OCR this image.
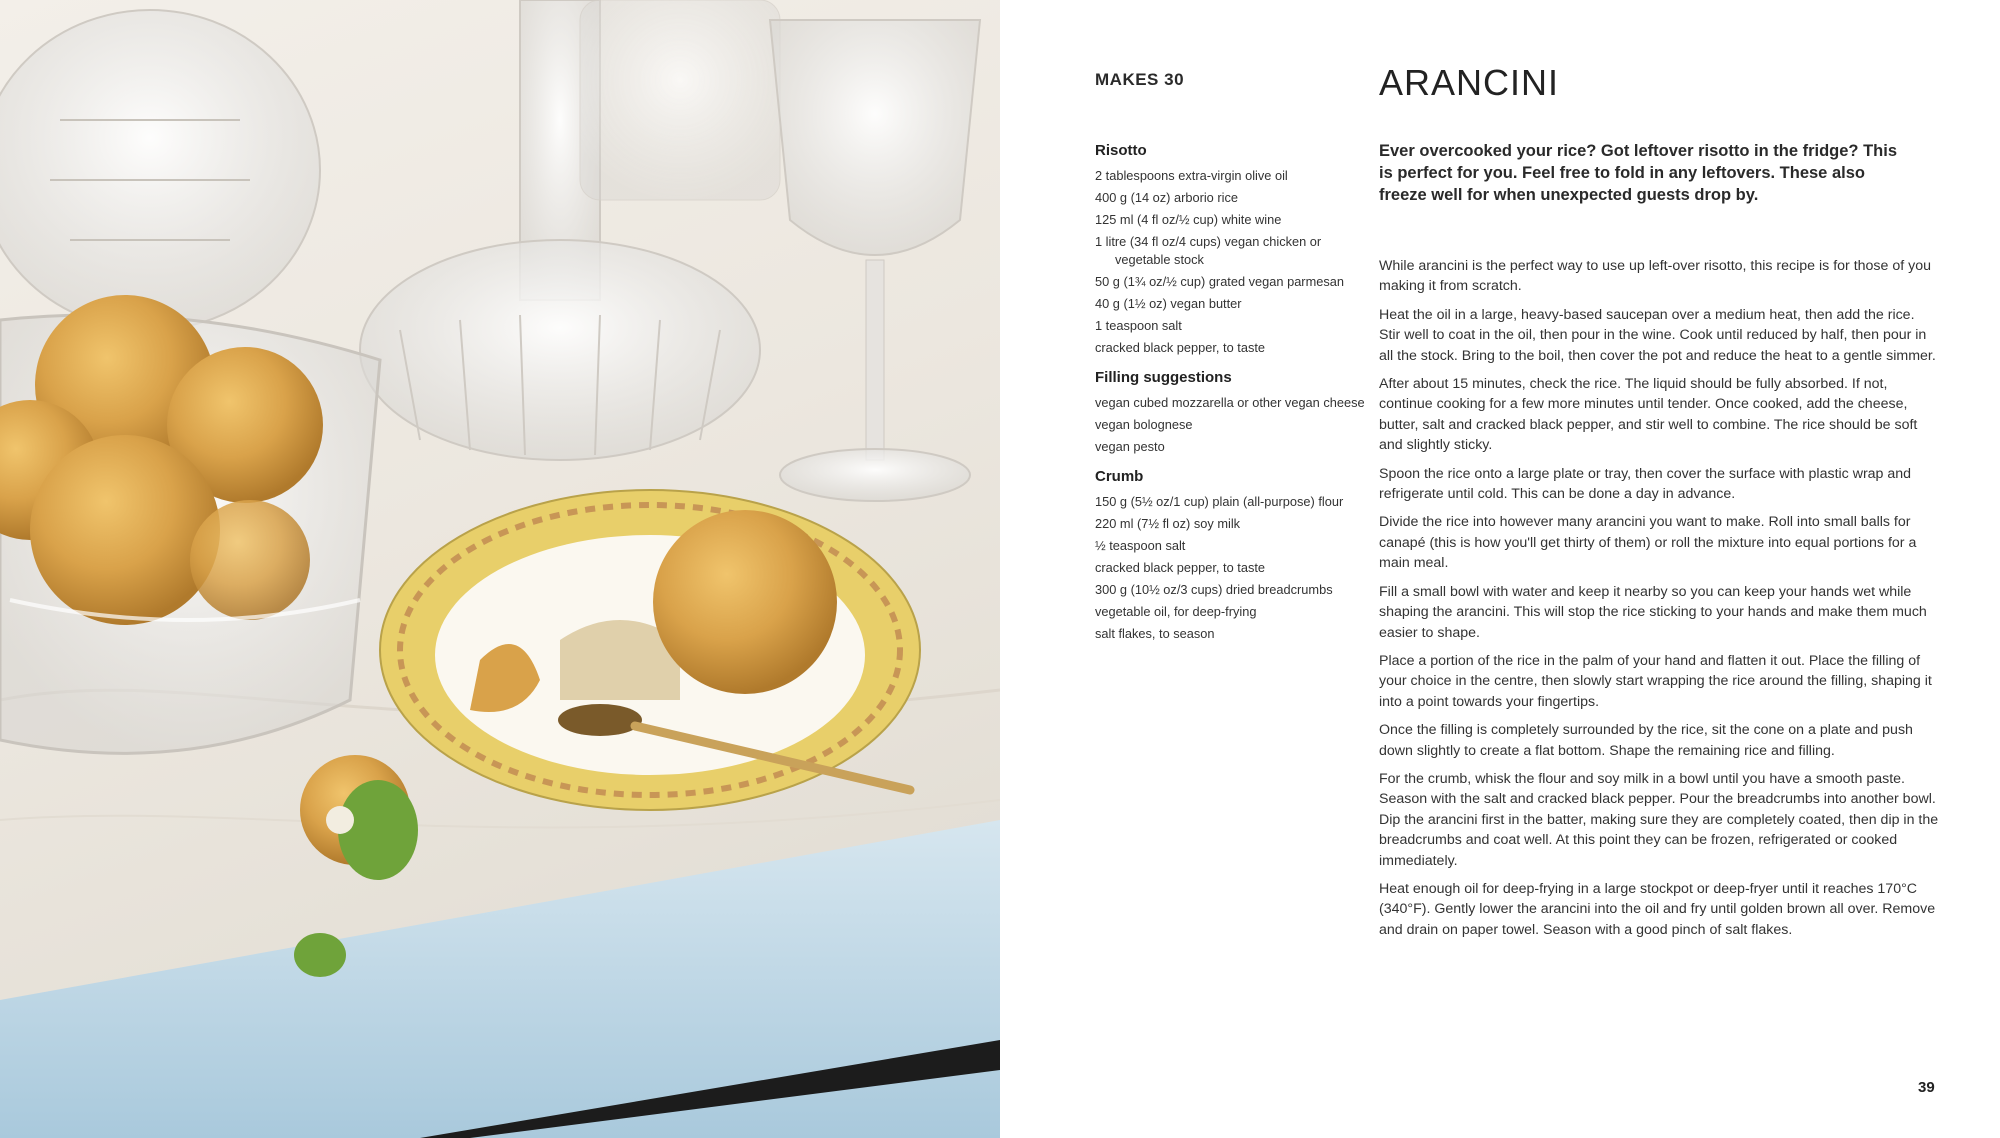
MAKES 30	ARANCINI
Risotto
2 tablespoons extra-virgin olive oil
400 g (14 oz) arborio rice
125 ml (4 fl oz/½ cup) white wine
1 litre (34 fl oz/4 cups) vegan chicken or vegetable stock
50 g (1¾ oz/½ cup) grated vegan parmesan
40 g (1½ oz) vegan butter
1 teaspoon salt
cracked black pepper, to taste
Filling suggestions
vegan cubed mozzarella or other vegan cheese
vegan bolognese
vegan pesto
Crumb
150 g (5½ oz/1 cup) plain (all-purpose) flour
220 ml (7½ fl oz) soy milk
½ teaspoon salt
cracked black pepper, to taste
300 g (10½ oz/3 cups) dried breadcrumbs
vegetable oil, for deep-frying
salt flakes, to season
Ever overcooked your rice? Got leftover risotto in the fridge? This is perfect for you. Feel free to fold in any leftovers. These also freeze well for when unexpected guests drop by.

While arancini is the perfect way to use up left-over risotto, this recipe is for those of you making it from scratch.

Heat the oil in a large, heavy-based saucepan over a medium heat, then add the rice. Stir well to coat in the oil, then pour in the wine. Cook until reduced by half, then pour in all the stock. Bring to the boil, then cover the pot and reduce the heat to a gentle simmer.

After about 15 minutes, check the rice. The liquid should be fully absorbed. If not, continue cooking for a few more minutes until tender. Once cooked, add the cheese, butter, salt and cracked black pepper, and stir well to combine. The rice should be soft and slightly sticky.

Spoon the rice onto a large plate or tray, then cover the surface with plastic wrap and refrigerate until cold. This can be done a day in advance.

Divide the rice into however many arancini you want to make. Roll into small balls for canapé (this is how you'll get thirty of them) or roll the mixture into equal portions for a main meal.

Fill a small bowl with water and keep it nearby so you can keep your hands wet while shaping the arancini. This will stop the rice sticking to your hands and make them much easier to shape.

Place a portion of the rice in the palm of your hand and flatten it out. Place the filling of your choice in the centre, then slowly start wrapping the rice around the filling, shaping it into a point towards your fingertips.

Once the filling is completely surrounded by the rice, sit the cone on a plate and push down slightly to create a flat bottom. Shape the remaining rice and filling.

For the crumb, whisk the flour and soy milk in a bowl until you have a smooth paste. Season with the salt and cracked black pepper. Pour the breadcrumbs into another bowl. Dip the arancini first in the batter, making sure they are completely coated, then dip in the breadcrumbs and coat well. At this point they can be frozen, refrigerated or cooked immediately.

Heat enough oil for deep-frying in a large stockpot or deep-fryer until it reaches 170°C (340°F). Gently lower the arancini into the oil and fry until golden brown all over. Remove and drain on paper towel. Season with a good pinch of salt flakes.

39
